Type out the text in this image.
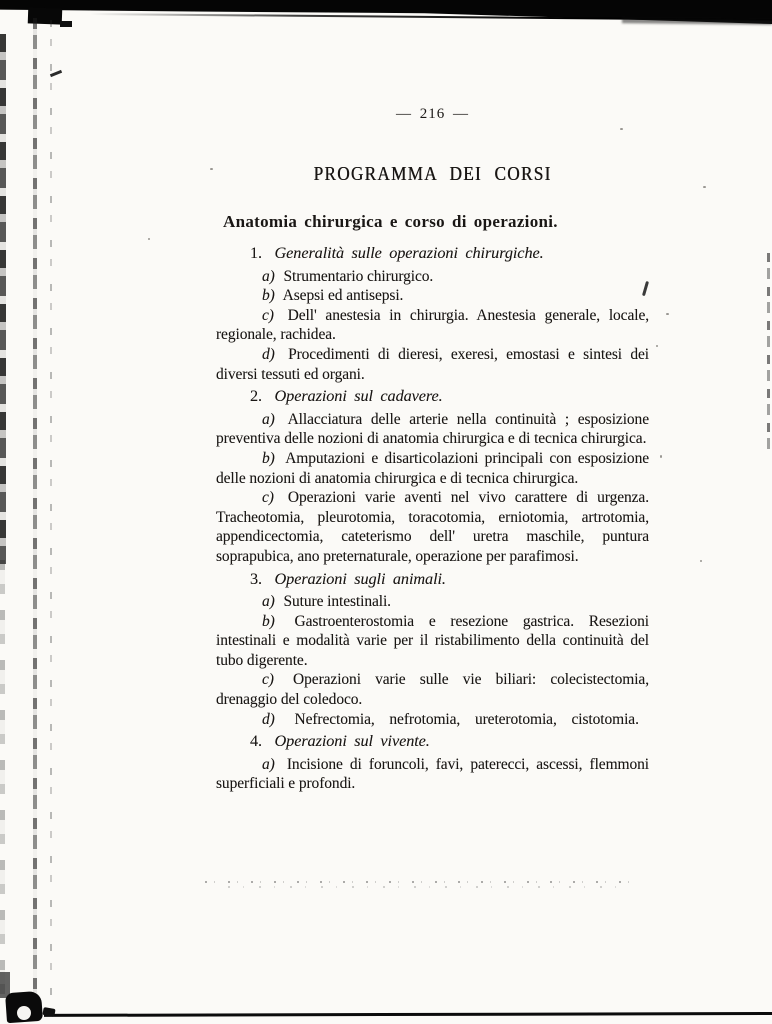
— 216 —
PROGRAMMA DEI CORSI
Anatomia chirurgica e corso di operazioni.

1. Generalità sulle operazioni chirurgiche.

a) Strumentario chirurgico.

b) Asepsi ed antisepsi.

c) Dell' anestesia in chirurgia. Anestesia generale, locale, regionale, rachidea.

d) Procedimenti di dieresi, exeresi, emostasi e sintesi dei diversi tessuti ed organi.

2. Operazioni sul cadavere.

a) Allacciatura delle arterie nella continuità ; esposizione preventiva delle nozioni di anatomia chirurgica e di tecnica chirurgica.

b) Amputazioni e disarticolazioni principali con esposizione delle nozioni di anatomia chirurgica e di tecnica chirurgica.

c) Operazioni varie aventi nel vivo carattere di urgenza. Tracheotomia, pleurotomia, toracotomia, erniotomia, artrotomia, appendicectomia, cateterismo dell' uretra maschile, puntura soprapubica, ano preternaturale, operazione per parafimosi.

3. Operazioni sugli animali.

a) Suture intestinali.

b) Gastroenterostomia e resezione gastrica. Resezioni intestinali e modalità varie per il ristabilimento della continuità del tubo digerente.

c) Operazioni varie sulle vie biliari: colecistectomia, drenaggio del coledoco.

d) Nefrectomia, nefrotomia, ureterotomia, cistotomia.

4. Operazioni sul vivente.

a) Incisione di foruncoli, favi, paterecci, ascessi, flemmoni superficiali e profondi.
